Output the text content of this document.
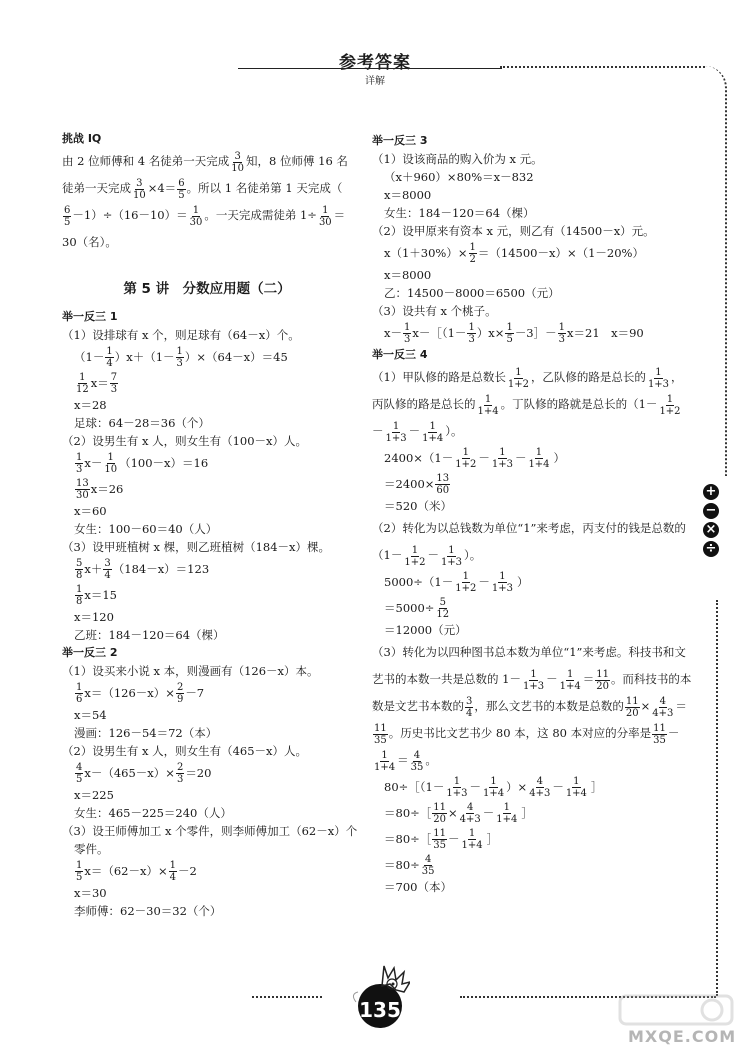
参考答案
详解
+
−
×
÷
挑战 IQ
由 2 位师傅和 4 名徒弟一天完成 $\frac{3}{10}$ 知，8 位师傅 16 名徒弟一天完成 $\frac{3}{10} \times 4= \frac{6}{5}$ 。所以 1 名徒弟第 1 天完成（
$\frac{6}{5} -1)\div(16-10)= \frac{1}{30}$ 。一天完成需徒弟 $1\div \frac{1}{30} =30$（名）。
第 5 讲　分数应用题（二）
举一反三 1
（1）设排球有 x 个，则足球有（64－x）个。
$(1- \frac{1}{4} )x+(1- \frac{1}{3} )\times(64-x)=45$
$\frac{1}{12} x= \frac{7}{3}$
x＝28
足球：64－28＝36（个）
（2）设男生有 x 人，则女生有（100－x）人。
$\frac{1}{3} x- \frac{1}{10} (100-x)=16$
$\frac{13}{30} x=26$
x＝60
女生：100－60＝40（人）
（3）设甲班植树 x 棵，则乙班植树（184－x）棵。
$\frac{5}{8} x+ \frac{3}{4} (184-x)=123$
$\frac{1}{8} x=15$
x＝120
乙班：184－120＝64（棵）
举一反三 2
（1）设买来小说 x 本，则漫画有（126－x）本。
$\frac{1}{6} x=(126-x)\times \frac{2}{9} -7$
x＝54
漫画：126－54＝72（本）
（2）设男生有 x 人，则女生有（465－x）人。
$\frac{4}{5} x-(465-x)\times \frac{2}{3} =20$
x＝225
女生：465－225＝240（人）
（3）设王师傅加工 x 个零件，则李师傅加工（62－x）个
零件。
$\frac{1}{5} x=(62-x)\times \frac{1}{4} -2$
x＝30
李师傅：62－30＝32（个）
举一反三 3
（1）设该商品的购入价为 x 元。
（x＋960）×80%＝x－832
x＝8000
女生：184－120＝64（棵）
（2）设甲原来有资本 x 元，则乙有（14500－x）元。
$x(1+30\%)\times \frac{1}{2} =(14500-x)\times(1-20\%)$
x＝8000
乙：14500－8000＝6500（元）
（3）设共有 x 个桃子。
$x- \frac{1}{3}$ x－［（1－ $\frac{1}{3} )x\times \frac{1}{5}$ －3］－ $\frac{1}{3} x=21$　x＝90
举一反三 4
（1）甲队修的路是总数长 $\frac{1}{1+2}$ ，乙队修的路是总长的 $\frac{1}{1+3}$ ，丙队修的路是总长的 $\frac{1}{1+4}$ 。丁队修的路就是总长的（$1- \frac{1}{1+2}$
－ $\frac{1}{1+3} - \frac{1}{1+4}$ ）。
$2400\times(1- \frac{1}{1+2} - \frac{1}{1+3} - \frac{1}{1+4}$ ）
$=2400\times \frac{13}{60}$
＝520（米）
（2）转化为以总钱数为单位“1”来考虑，丙支付的钱是总数的（$1- \frac{1}{1+2} - \frac{1}{1+3}$ ）。
$5000\div(1- \frac{1}{1+2} - \frac{1}{1+3}$ ）
$=5000\div \frac{5}{12}$
＝12000（元）
（3）转化为以四种图书总本数为单位“1”来考虑。科技书和文艺书的本数一共是总数的 $1- \frac{1}{1+3} - \frac{1}{1+4} = \frac{11}{20}$ 。而科技书的本数是文艺书本数的 $\frac{3}{4}$ ，那么文艺书的本数是总数的 $\frac{11}{20} \times \frac{4}{4+3}$ ＝
$\frac{11}{35}$ 。历史书比文艺书少 80 本，这 80 本对应的分率是 $\frac{11}{35}$ －
$\frac{1}{1+4} = \frac{4}{35}$ 。
80÷［（1－ $\frac{1}{1+3} - \frac{1}{1+4}$ ）× $\frac{4}{4+3} - \frac{1}{1+4}$ ］
＝80÷［ $\frac{11}{20} \times \frac{4}{4+3} - \frac{1}{1+4}$ ］
＝80÷［ $\frac{11}{35} - \frac{1}{1+4}$ ］
$=80\div \frac{4}{35}$
＝700（本）
135
MXQE.COM
